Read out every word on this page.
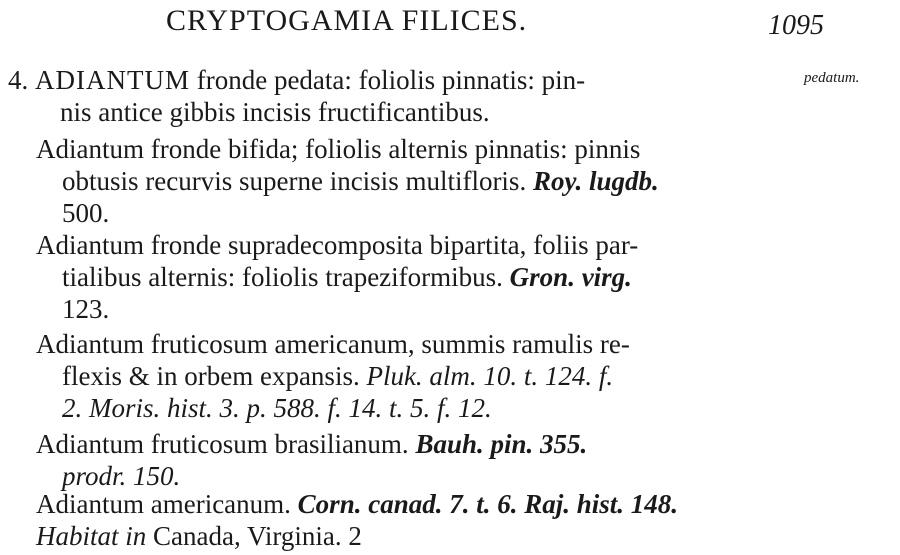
CRYPTOGAMIA FILICES.	1095
pedatum.
4. ADIANTUM fronde pedata: foliolis pinnatis: pin-
nis antice gibbis incisis fructificantibus.
Adiantum fronde bifida; foliolis alternis pinnatis: pinnis
obtusis recurvis superne incisis multifloris. Roy. lugdb.
500.
Adiantum fronde supradecomposita bipartita, foliis par-
tialibus alternis: foliolis trapeziformibus. Gron. virg.
123.
Adiantum fruticosum americanum, summis ramulis re-
flexis & in orbem expansis. Pluk. alm. 10. t. 124. f.
2. Moris. hist. 3. p. 588. f. 14. t. 5. f. 12.
Adiantum fruticosum brasilianum. Bauh. pin. 355.
prodr. 150.
Adiantum americanum. Corn. canad. 7. t. 6. Raj. hist. 148.
Habitat in Canada, Virginia. 2
